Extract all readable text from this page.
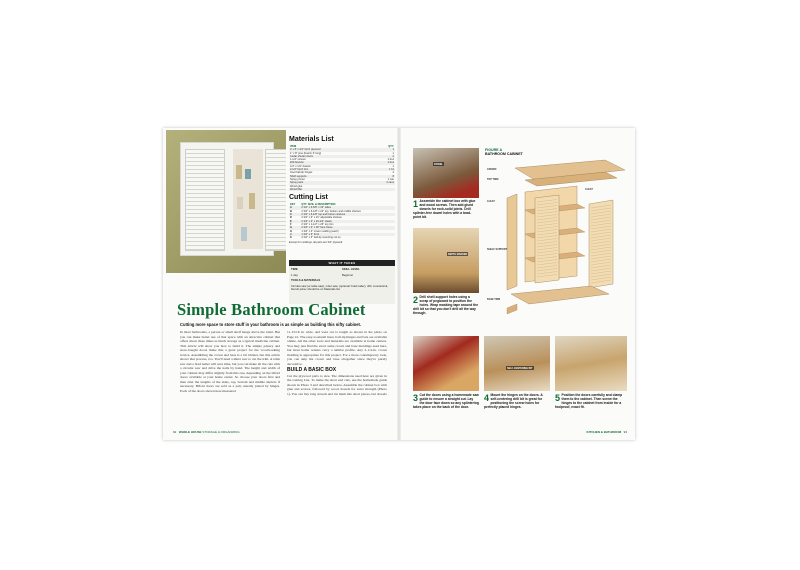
Materials List
ITEM	QTY.
4' x 8' x 3/4" birch plywood	1
1" x 8" pine (board, 6' long)	1
Cedar shutter doors	2
1-1/4" screws	1 box
#20 biscuits	1 box
1/4" x 1/4" dowels	1
2-1/2" birch trim	1 bx
Inset ball-tip hinges	4
Shelf supports	8
Spray primer	1 can
Spray paint	2 cans
Wood glue	
Wood filler	
Cutting List
KEY	QTY. SIZE, & DESCRIPTION
A	2 3/4" x 6-5/8" x 32" sides
B	2 3/4" x 6-1/8" x 22" top, bottom and middle shelves
C	2 3/4" x 6-1/8" top and bottom shelves
D	2 3/4" x 6" x 21" adjustable shelves
E	2 3/4" x 3" x 23-1/2" cleats
F	2 3/4" x 1-1/2" x 26" top trim
G	2 3/4" x 3" x 36" face frame
H	1 3/4" x 6" crown molding (each)
J	1 3/4" x 6" front
K	2 3/4" x 6" ball-tip mounting cut so
Except for moldings, all parts are 3/4" plywood.
WHAT IT TAKES
TIME	SKILL LEVEL
1 day	Beginner
TOOLS & MATERIALS
Circular saw (or table saw), miter saw, (optional: brad nailer), drill, countersink, biscuit joiner should be on Materials list.
Simple Bathroom Cabinet
Cutting more space to store stuff in your bathroom is as simple as building this nifty cabinet.
In most bathrooms, a person or small shelf hangs above the toilet. But you can make better use of that space with an attractive cabinet that offers about three times as much storage as a typical medicine cabinet. This article will show you how to build it. The simple joinery and store-bought doors make this a great project for the woodworking novice. Assembling the crown and base is a bit trickier, but this article shows that process, too. You'll need a miter saw to cut the trim. A table saw and a brad nailer will save time, but you can make all the cuts with a circular saw and drive the nails by hand. The height and width of your cabinet may differ slightly from this one, depending on the bifold doors available at your home center. So choose your doors first and then alter the lengths of the sides, top, bottom and middle shelves if necessary. Bifold doors are sold as a pair, usually joined by hinges. Each of the doors shown here measured
11-15/16 in. wide, and were cut to length as shown in the photo on Page 41. The easy-to-install inset, ball-tip hinges and bars are available online. All the other tools and materials are available at home centers. You may just find the exact same crown and base moldings used here, but most home centers carry a similar profile. Any 2-1/4-in. crown molding is appropriate for this project. For a more contemporary look, you can skip the crown and base altogether since they're purely decorative.
BUILD A BASIC BOX
Cut the plywood parts to size. The dimensions used here are given in the Cutting List. To make the short end cuts, use the homemade guide shown in Photo 3 and described below. Assemble the cabinet box with glue and screws, followed by wood dowels for extra strength (Photo 1). You can buy long dowels and cut them into short pieces, but dowels
92 WHOLE HOUSE STORAGE & ORGANIZING
DOWEL
1 Assemble the cabinet box with glue and wood screws. Then add glued dowels for rock-solid joints. Drill splinter-free dowel holes with a brad-point bit.
DEPTH MARKER
2 Drill shelf-support holes using a scrap of pegboard to position the holes. Wrap masking tape around the drill bit so that you don't drill all the way through.
FIGURE A
BATHROOM CABINET
CROWN
TOP TRIM
CLEAT
CLEAT
SHELF SUPPORT
BASE TRIM
3 Cut the doors using a homemade saw guide to ensure a straight cut. Lay the door face down so any splintering takes place on the back of the door.
SELF-CENTERING BIT
4 Mount the hinges on the doors. A self-centering drill bit is great for positioning the screw holes for perfectly placed hinges.
5 Position the doors carefully and clamp them to the cabinet. Then screw the hinges to the cabinet from inside for a foolproof, exact fit.
KITCHEN & BATHROOM 93
